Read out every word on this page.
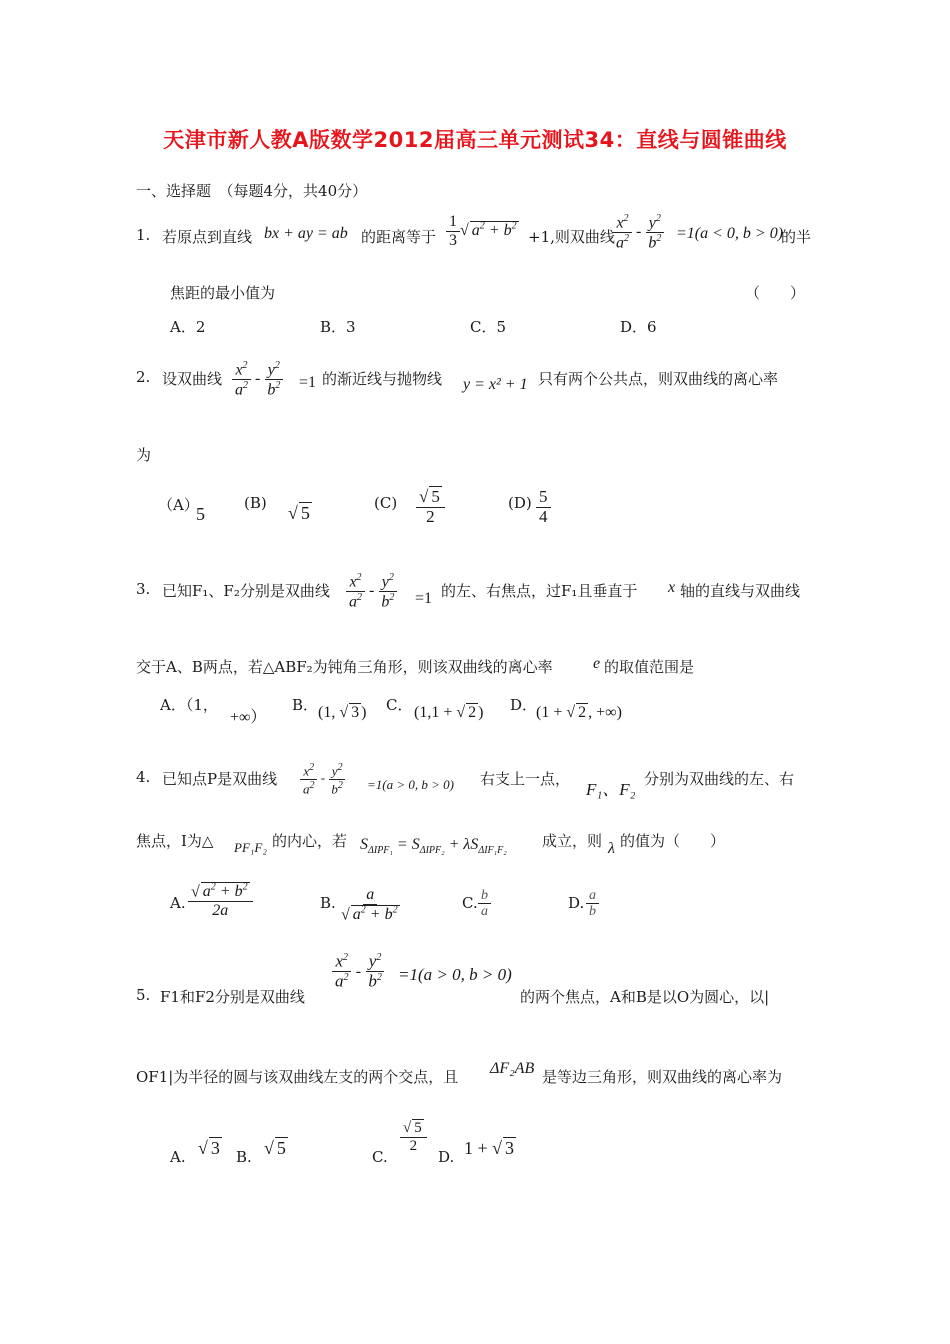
天津市新人教A版数学2012届高三单元测试34：直线与圆锥曲线
一、选择题　（每题4分，共40分）
1. 若原点到直线 bx + ay = ab 的距离等于 $\frac{1}{3}$ √ $a^2 + b^2$
+1,则双曲线
$\frac{x^2}{a^2} - \frac{y^2}{b^2} =1(a < 0$, b > 0)
的半
焦距的最小值为	（　　）
A．2	B．3	C．5	D．6
2. 设双曲线 $\frac{x^2}{a^2} - \frac{y^2}{b^2} =1$ 的渐近线与抛物线 y = x² + 1 只有两个公共点，则双曲线的离心率
为
（A）
5
(B) √ 5	$(C) \frac{√ 5}{2}$	$(D) \frac{5}{4}$
3. 已知F₁、F₂分别是双曲线 $\frac{x^2}{a^2} - \frac{y^2}{b^2} =1$ 的左、右焦点，过F₁且垂直于 x 轴的直线与双曲线
交于A、B两点，若△ABF₂为钝角三角形，则该双曲线的离心率	e 的取值范围是
A．（1，
+∞）
B． (1, √ 3 ) C． (1,1 + √ 2 ) D．
(1 + √ 2 , +∞)
4. 已知点P是双曲线 $\frac{x^2}{a^2} - \frac{y^2}{b^2} =1(a > 0$, b > 0) 右支上一点，
F₁、F₂
分别为双曲线的左、右
焦点，I为△ PF₁F₂ 的内心，若 $S_{\Delta IPF_1} = S_{\Delta IPF_2} + \lambda S_{\Delta IF_1F_2}$
成立，则 λ 的值为（　　）
A. $\frac{√ a^2 + b^2}{2a}$	B. $\frac{a}{√ a^2 + b^2}$	C. $\frac{b}{a}$	D. $\frac{a}{b}$
$\frac{x^2}{a^2} - \frac{y^2}{b^2} =1(a > 0$, b > 0)
5. F1和F2分别是双曲线	的两个焦点，A和B是以O为圆心，以|
OF1|为半径的圆与该双曲线左支的两个交点，且 ΔF₂AB 是等边三角形，则双曲线的离心率为
A. √ 3 B. √ 5	C.
$\frac{√ 5}{2}$
D. 1 + √ 3
